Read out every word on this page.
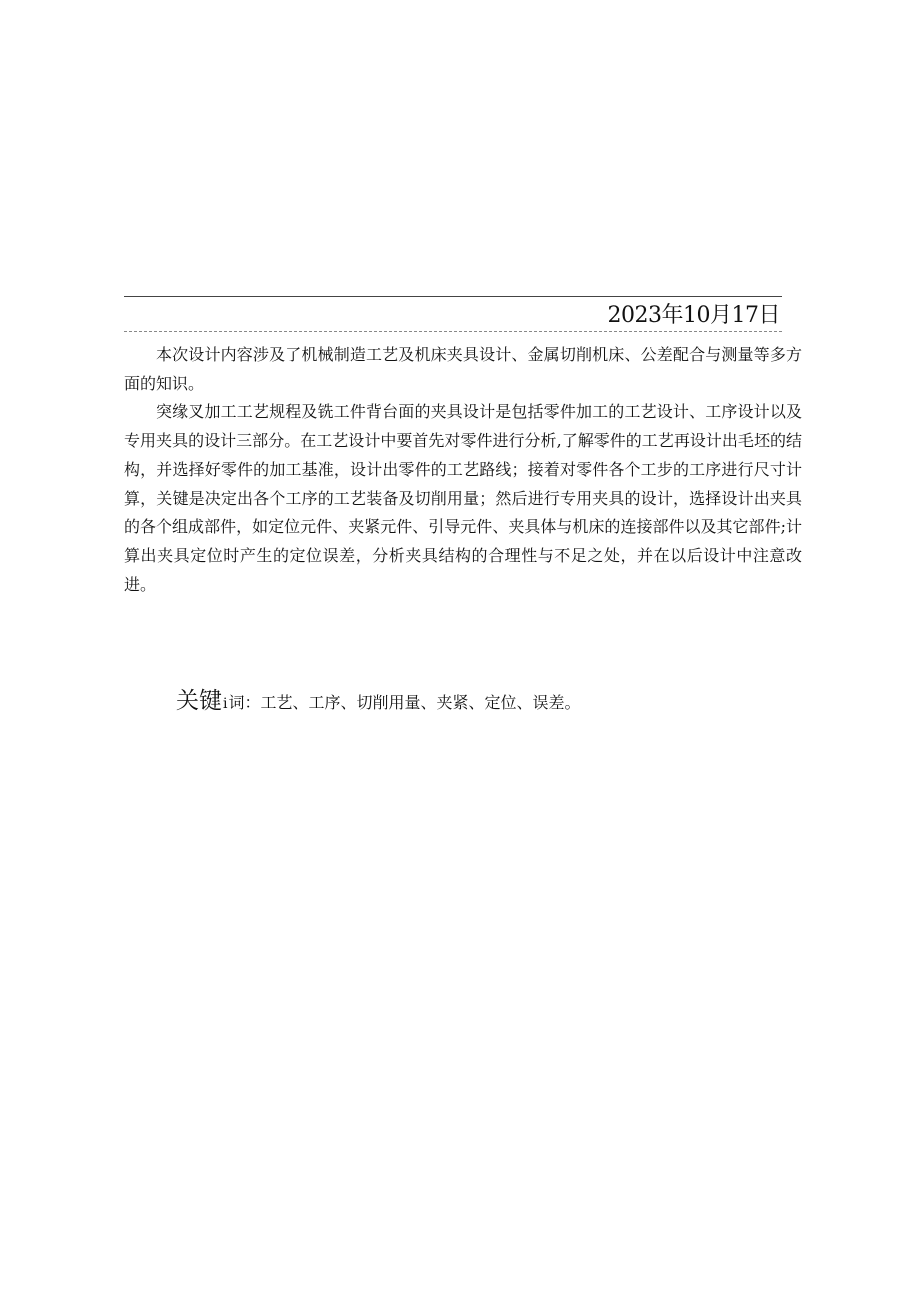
2023年10月17日

本次设计内容涉及了机械制造工艺及机床夹具设计、金属切削机床、公差配合与测量等多方面的知识。

突缘叉加工工艺规程及铣工件背台面的夹具设计是包括零件加工的工艺设计、工序设计以及专用夹具的设计三部分。在工艺设计中要首先对零件进行分析,了解零件的工艺再设计出毛坯的结构，并选择好零件的加工基准，设计出零件的工艺路线；接着对零件各个工步的工序进行尺寸计算，关键是决定出各个工序的工艺装备及切削用量；然后进行专用夹具的设计，选择设计出夹具的各个组成部件，如定位元件、夹紧元件、引导元件、夹具体与机床的连接部件以及其它部件;计算出夹具定位时产生的定位误差，分析夹具结构的合理性与不足之处，并在以后设计中注意改进。

关键i词：工艺、工序、切削用量、夹紧、定位、误差。
